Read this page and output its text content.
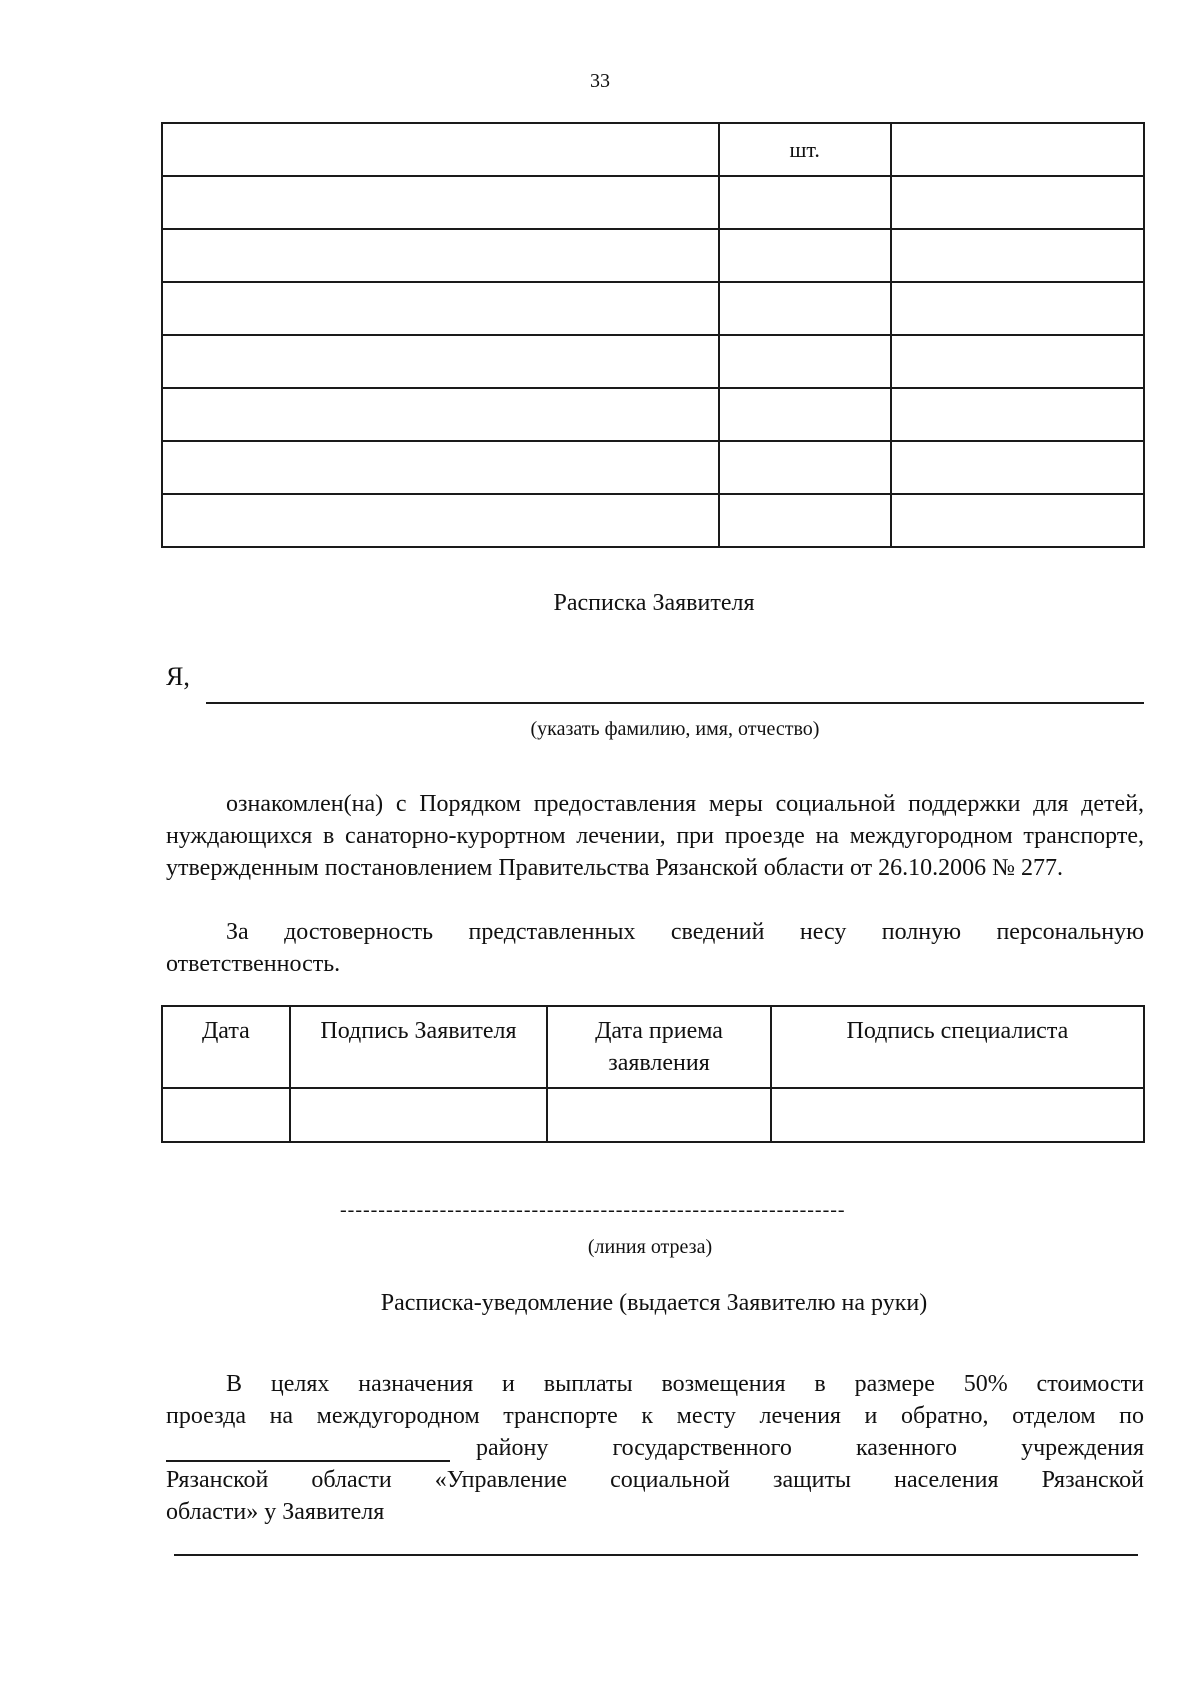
33
	шт.	

Расписка Заявителя
Я,
(указать фамилию, имя, отчество)
ознакомлен(на) с Порядком предоставления меры социальной поддержки для детей, нуждающихся в санаторно-курортном лечении, при проезде на междугородном транспорте, утвержденным постановлением Правительства Рязанской области от 26.10.2006 № 277.
За достоверность представленных сведений несу полную персональную ответственность.
Дата	Подпись Заявителя	Дата приема заявления	Подпись специалиста

------------------------------------------------------------------
(линия отреза)
Расписка-уведомление (выдается Заявителю на руки)
В целях назначения и выплаты возмещения в размере 50% стоимости
проезда на междугородном транспорте к месту лечения и обратно, отделом по
району государственного казенного учреждения
Рязанской области «Управление социальной защиты населения Рязанской
области» у Заявителя
